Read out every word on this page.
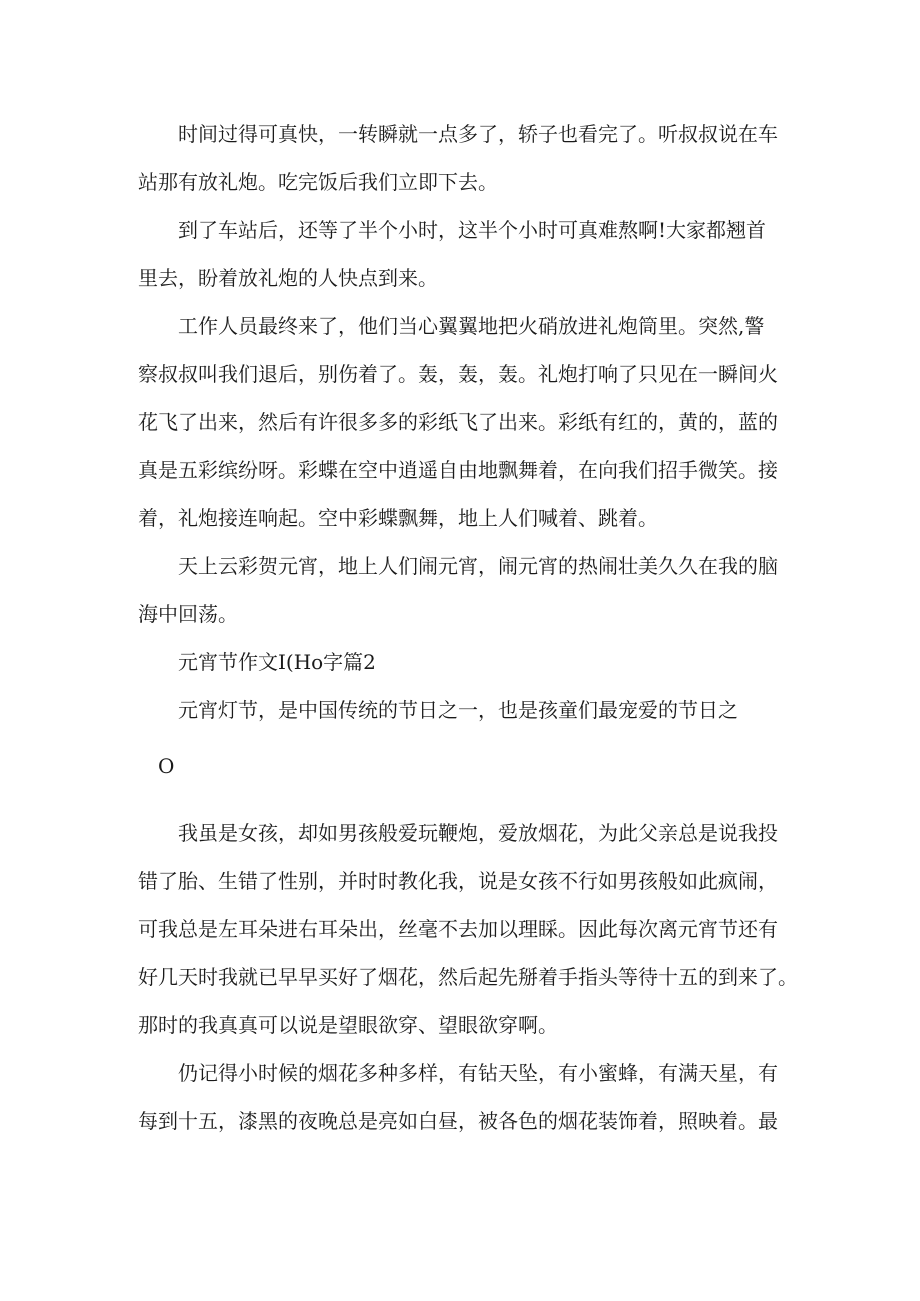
时间过得可真快，一转瞬就一点多了，轿子也看完了。听叔叔说在车

站那有放礼炮。吃完饭后我们立即下去。

到了车站后，还等了半个小时，这半个小时可真难熬啊!大家都翘首

里去，盼着放礼炮的人快点到来。

工作人员最终来了，他们当心翼翼地把火硝放进礼炮筒里。突然,警

察叔叔叫我们退后，别伤着了。轰，轰，轰。礼炮打响了只见在一瞬间火

花飞了出来，然后有许很多多的彩纸飞了出来。彩纸有红的，黄的，蓝的

真是五彩缤纷呀。彩蝶在空中逍遥自由地飘舞着，在向我们招手微笑。接

着，礼炮接连响起。空中彩蝶飘舞，地上人们喊着、跳着。

天上云彩贺元宵，地上人们闹元宵，闹元宵的热闹壮美久久在我的脑

海中回荡。

元宵节作文I(Ho字篇2

元宵灯节，是中国传统的节日之一，也是孩童们最宠爱的节日之

O

我虽是女孩，却如男孩般爱玩鞭炮，爱放烟花，为此父亲总是说我投

错了胎、生错了性别，并时时教化我，说是女孩不行如男孩般如此疯闹，

可我总是左耳朵进右耳朵出，丝毫不去加以理睬。因此每次离元宵节还有

好几天时我就已早早买好了烟花，然后起先掰着手指头等待十五的到来了。

那时的我真真可以说是望眼欲穿、望眼欲穿啊。

仍记得小时候的烟花多种多样，有钻天坠，有小蜜蜂，有满天星，有

每到十五，漆黑的夜晚总是亮如白昼，被各色的烟花装饰着，照映着。最
